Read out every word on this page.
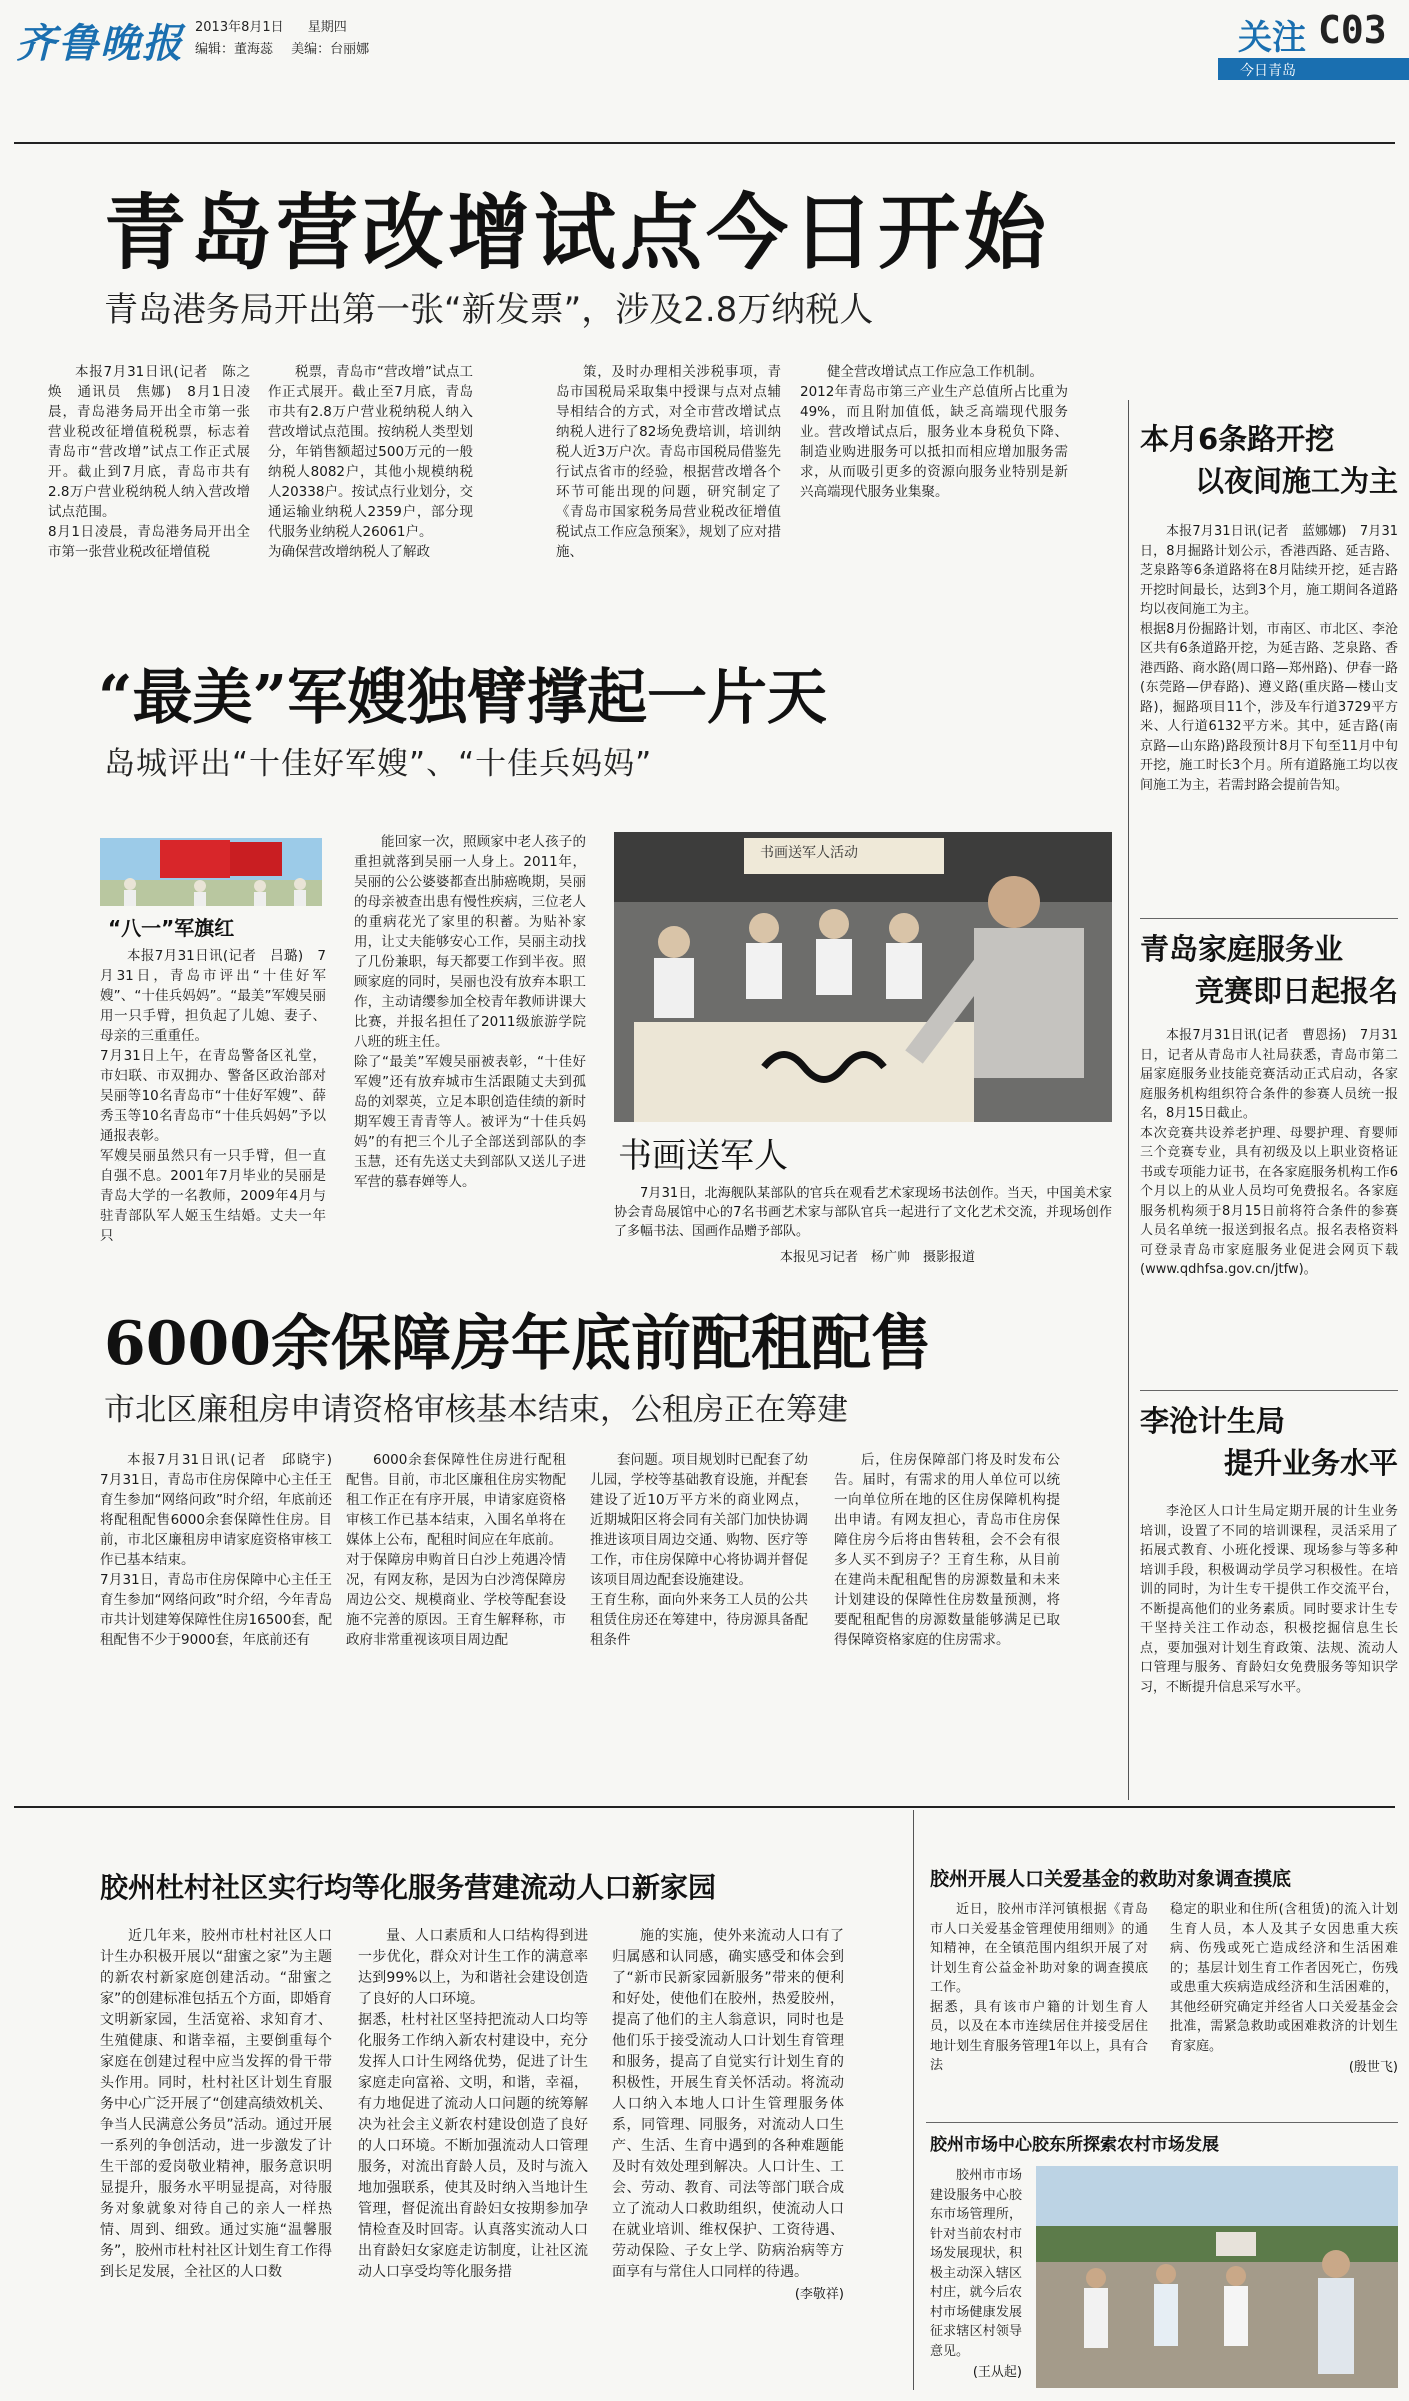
齐鲁晚报 2013年8月1日 星期四
编辑：董海蕊 美编：台丽娜	关注 C03
今日青岛
青岛营改增试点今日开始
青岛港务局开出第一张“新发票”，涉及2.8万纳税人

本报7月31日讯(记者　陈之焕　通讯员　焦娜)　8月1日凌晨，青岛港务局开出全市第一张营业税改征增值税税票，标志着青岛市“营改增”试点工作正式展开。截止到7月底，青岛市共有2.8万户营业税纳税人纳入营改增试点范围。
8月1日凌晨，青岛港务局开出全市第一张营业税改征增值税

税票，青岛市“营改增”试点工作正式展开。截止至7月底，青岛市共有2.8万户营业税纳税人纳入营改增试点范围。按纳税人类型划分，年销售额超过500万元的一般纳税人8082户，其他小规模纳税人20338户。按试点行业划分，交通运输业纳税人2359户，部分现代服务业纳税人26061户。
为确保营改增纳税人了解政

策，及时办理相关涉税事项，青岛市国税局采取集中授课与点对点辅导相结合的方式，对全市营改增试点纳税人进行了82场免费培训，培训纳税人近3万户次。青岛市国税局借鉴先行试点省市的经验，根据营改增各个环节可能出现的问题，研究制定了《青岛市国家税务局营业税改征增值税试点工作应急预案》，规划了应对措施、

健全营改增试点工作应急工作机制。
2012年青岛市第三产业生产总值所占比重为49%，而且附加值低，缺乏高端现代服务业。营改增试点后，服务业本身税负下降、制造业购进服务可以抵扣而相应增加服务需求，从而吸引更多的资源向服务业特别是新兴高端现代服务业集聚。

本月6条路开挖
以夜间施工为主

本报7月31日讯(记者　蓝娜娜)　7月31日，8月掘路计划公示，香港西路、延吉路、芝泉路等6条道路将在8月陆续开挖，延吉路开挖时间最长，达到3个月，施工期间各道路均以夜间施工为主。
根据8月份掘路计划，市南区、市北区、李沧区共有6条道路开挖，为延吉路、芝泉路、香港西路、商水路(周口路—郑州路)、伊春一路(东莞路—伊春路)、遵义路(重庆路—楼山支路)，掘路项目11个，涉及车行道3729平方米、人行道6132平方米。其中，延吉路(南京路—山东路)路段预计8月下旬至11月中旬开挖，施工时长3个月。所有道路施工均以夜间施工为主，若需封路会提前告知。

青岛家庭服务业
竞赛即日起报名

本报7月31日讯(记者　曹恩扬)　7月31日，记者从青岛市人社局获悉，青岛市第二届家庭服务业技能竞赛活动正式启动，各家庭服务机构组织符合条件的参赛人员统一报名，8月15日截止。
本次竞赛共设养老护理、母婴护理、育婴师三个竞赛专业，具有初级及以上职业资格证书或专项能力证书，在各家庭服务机构工作6个月以上的从业人员均可免费报名。各家庭服务机构须于8月15日前将符合条件的参赛人员名单统一报送到报名点。报名表格资料可登录青岛市家庭服务业促进会网页下载(www.qdhfsa.gov.cn/jtfw)。

李沧计生局
提升业务水平

李沧区人口计生局定期开展的计生业务培训，设置了不同的培训课程，灵活采用了拓展式教育、小班化授课、现场参与等多种培训手段，积极调动学员学习积极性。在培训的同时，为计生专干提供工作交流平台，不断提高他们的业务素质。同时要求计生专干坚持关注工作动态，积极挖掘信息生长点，要加强对计划生育政策、法规、流动人口管理与服务、育龄妇女免费服务等知识学习，不断提升信息采写水平。

“最美”军嫂独臂撑起一片天
岛城评出“十佳好军嫂”、“十佳兵妈妈”
“八一”军旗红

本报7月31日讯(记者　吕璐)　7月31日，青岛市评出“十佳好军嫂”、“十佳兵妈妈”。“最美”军嫂吴丽用一只手臂，担负起了儿媳、妻子、母亲的三重重任。
7月31日上午，在青岛警备区礼堂，市妇联、市双拥办、警备区政治部对吴丽等10名青岛市“十佳好军嫂”、薛秀玉等10名青岛市“十佳兵妈妈”予以通报表彰。
军嫂吴丽虽然只有一只手臂，但一直自强不息。2001年7月毕业的吴丽是青岛大学的一名教师，2009年4月与驻青部队军人姬玉生结婚。丈夫一年只

能回家一次，照顾家中老人孩子的重担就落到吴丽一人身上。2011年，吴丽的公公婆婆都查出肺癌晚期，吴丽的母亲被查出患有慢性疾病，三位老人的重病花光了家里的积蓄。为贴补家用，让丈夫能够安心工作，吴丽主动找了几份兼职，每天都要工作到半夜。照顾家庭的同时，吴丽也没有放弃本职工作，主动请缨参加全校青年教师讲课大比赛，并报名担任了2011级旅游学院八班的班主任。
除了“最美”军嫂吴丽被表彰，“十佳好军嫂”还有放弃城市生活跟随丈夫到孤岛的刘翠英，立足本职创造佳绩的新时期军嫂王青青等人。被评为“十佳兵妈妈”的有把三个儿子全部送到部队的李玉慧，还有先送丈夫到部队又送儿子进军营的慕春婵等人。

书画送军人活动
书画送军人
7月31日，北海舰队某部队的官兵在观看艺术家现场书法创作。当天，中国美术家协会青岛展馆中心的7名书画艺术家与部队官兵一起进行了文化艺术交流，并现场创作了多幅书法、国画作品赠予部队。
本报见习记者　杨广帅　摄影报道
6000余保障房年底前配租配售
市北区廉租房申请资格审核基本结束，公租房正在筹建

本报7月31日讯(记者　邱晓宇)　7月31日，青岛市住房保障中心主任王育生参加“网络问政”时介绍，年底前还将配租配售6000余套保障性住房。目前，市北区廉租房申请家庭资格审核工作已基本结束。
7月31日，青岛市住房保障中心主任王育生参加“网络问政”时介绍，今年青岛市共计划建筹保障性住房16500套，配租配售不少于9000套，年底前还有

6000余套保障性住房进行配租配售。目前，市北区廉租住房实物配租工作正在有序开展，申请家庭资格审核工作已基本结束，入围名单将在媒体上公布，配租时间应在年底前。
对于保障房申购首日白沙上苑遇冷情况，有网友称，是因为白沙湾保障房周边公交、规模商业、学校等配套设施不完善的原因。王育生解释称，市政府非常重视该项目周边配

套问题。项目规划时已配套了幼儿园，学校等基础教育设施，并配套建设了近10万平方米的商业网点，近期城阳区将会同有关部门加快协调推进该项目周边交通、购物、医疗等工作，市住房保障中心将协调并督促该项目周边配套设施建设。
王育生称，面向外来务工人员的公共租赁住房还在筹建中，待房源具备配租条件

后，住房保障部门将及时发布公告。届时，有需求的用人单位可以统一向单位所在地的区住房保障机构提出申请。有网友担心，青岛市住房保障住房今后将由售转租，会不会有很多人买不到房子？王育生称，从目前在建尚未配租配售的房源数量和未来计划建设的保障性住房数量预测，将要配租配售的房源数量能够满足已取得保障资格家庭的住房需求。

胶州杜村社区实行均等化服务营建流动人口新家园

近几年来，胶州市杜村社区人口计生办积极开展以“甜蜜之家”为主题的新农村新家庭创建活动。“甜蜜之家”的创建标准包括五个方面，即婚育文明新家园，生活宽裕、求知育才、生殖健康、和谐幸福，主要倒重每个家庭在创建过程中应当发挥的骨干带头作用。同时，杜村社区计划生育服务中心广泛开展了“创建高绩效机关、争当人民满意公务员”活动。通过开展一系列的争创活动，进一步激发了计生干部的爱岗敬业精神，服务意识明显提升，服务水平明显提高，对待服务对象就象对待自己的亲人一样热情、周到、细致。通过实施“温馨服务”，胶州市杜村社区计划生育工作得到长足发展，全社区的人口数

量、人口素质和人口结构得到进一步优化，群众对计生工作的满意率达到99%以上，为和谐社会建设创造了良好的人口环境。
据悉，杜村社区坚持把流动人口均等化服务工作纳入新农村建设中，充分发挥人口计生网络优势，促进了计生家庭走向富裕、文明，和谐，幸福，有力地促进了流动人口问题的统筹解决为社会主义新农村建设创造了良好的人口环境。不断加强流动人口管理服务，对流出育龄人员，及时与流入地加强联系，使其及时纳入当地计生管理，督促流出育龄妇女按期参加孕情检查及时回寄。认真落实流动人口出育龄妇女家庭走访制度，让社区流动人口享受均等化服务措

施的实施，使外来流动人口有了归属感和认同感，确实感受和体会到了“新市民新家园新服务”带来的便利和好处，使他们在胶州，热爱胶州，提高了他们的主人翁意识，同时也是他们乐于接受流动人口计划生育管理和服务，提高了自觉实行计划生育的积极性，开展生育关怀活动。将流动人口纳入本地人口计生管理服务体系，同管理、同服务，对流动人口生产、生活、生育中遇到的各种难题能及时有效处理到解决。人口计生、工会、劳动、教育、司法等部门联合成立了流动人口救助组织，使流动人口在就业培训、维权保护、工资待遇、劳动保险、子女上学、防病治病等方面享有与常住人口同样的待遇。

(李敬祥)
胶州开展人口关爱基金的救助对象调查摸底

近日，胶州市洋河镇根据《青岛市人口关爱基金管理使用细则》的通知精神，在全镇范围内组织开展了对计划生育公益金补助对象的调查摸底工作。
据悉，具有该市户籍的计划生育人员，以及在本市连续居住并接受居住地计划生育服务管理1年以上，具有合法

稳定的职业和住所(含租赁)的流入计划生育人员，本人及其子女因患重大疾病、伤残或死亡造成经济和生活困难的；基层计划生育工作者因死亡，伤残或患重大疾病造成经济和生活困难的，其他经研究确定并经省人口关爱基金会批准，需紧急救助或困难救济的计划生育家庭。

(殷世飞)
胶州市场中心胶东所探索农村市场发展

胶州市市场建设服务中心胶东市场管理所，针对当前农村市场发展现状，积极主动深入辖区村庄，就今后农村市场健康发展征求辖区村领导意见。

(王从起)
